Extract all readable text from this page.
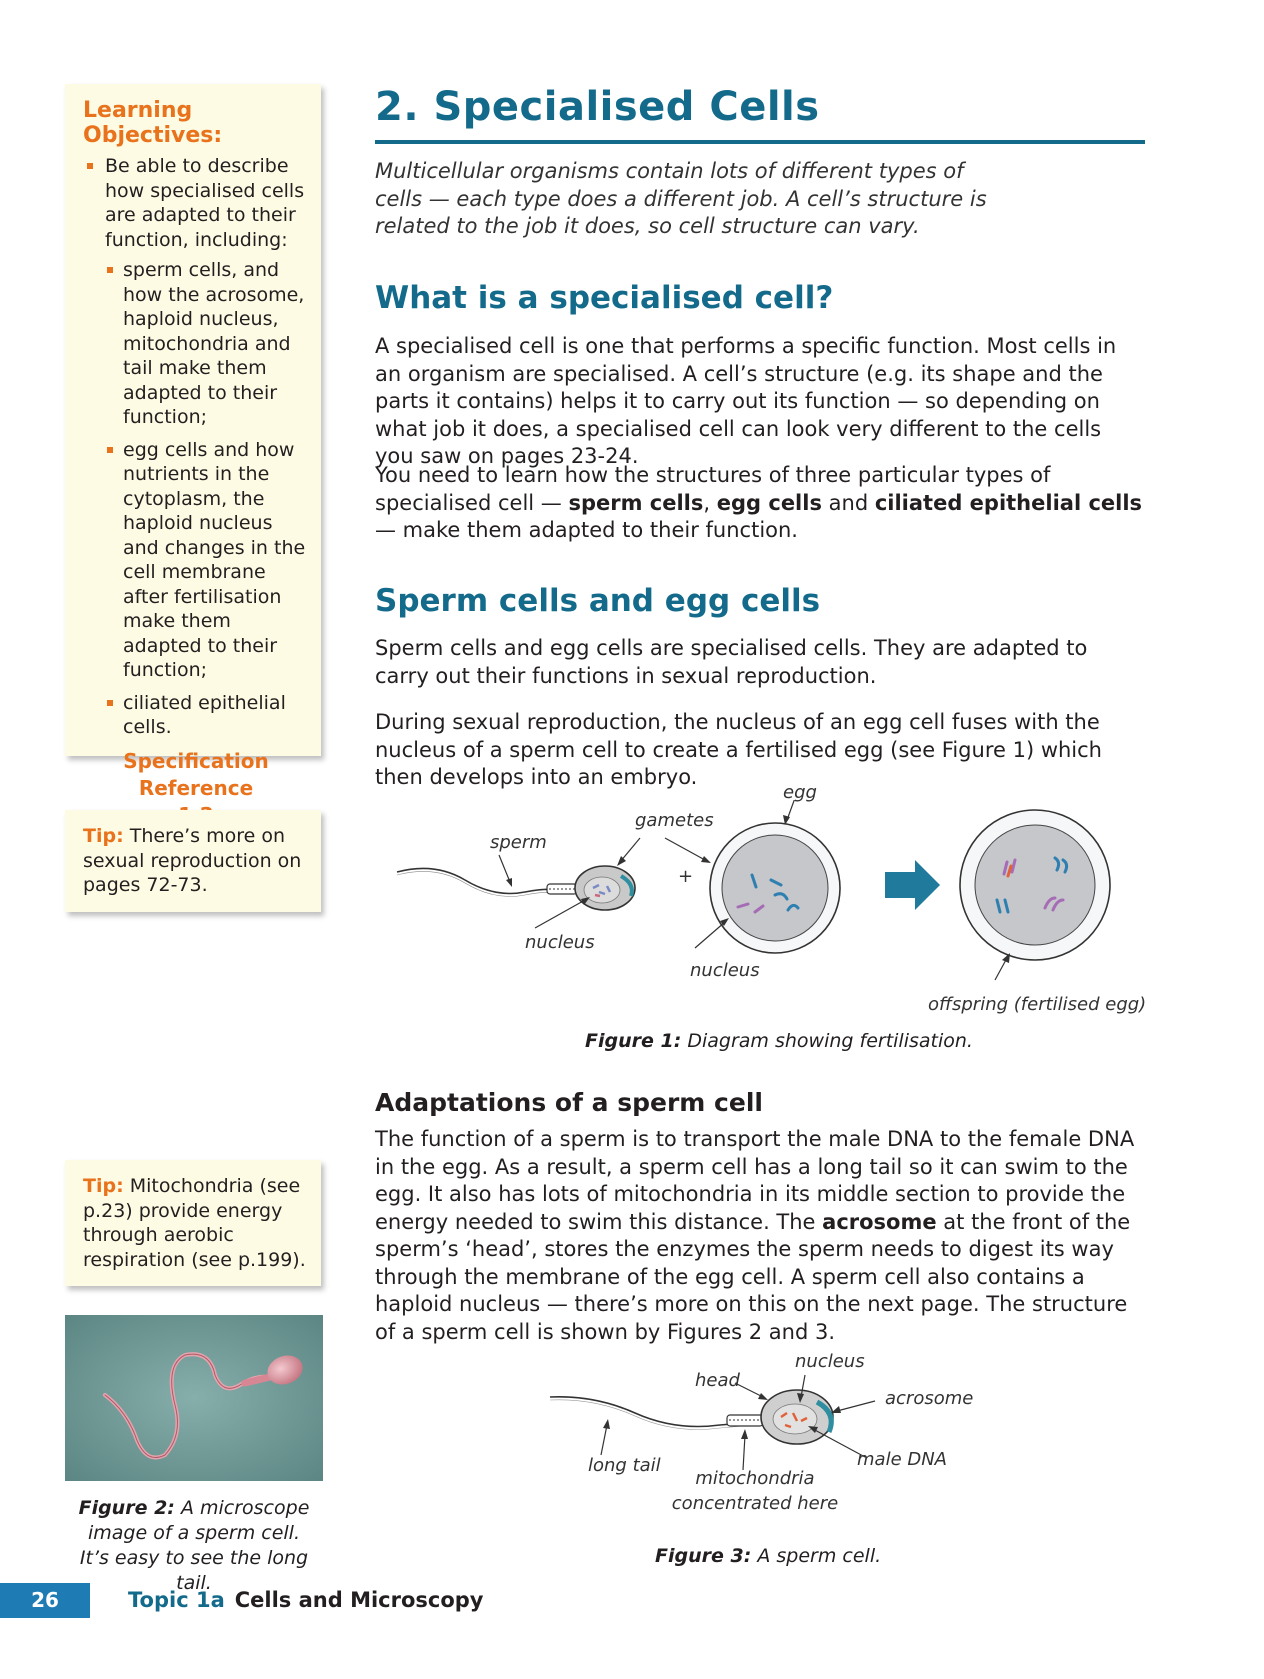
Learning Objectives:
Be able to describe how specialised cells are adapted to their function, including:
sperm cells, and how the acrosome, haploid nucleus, mitochondria and tail make them adapted to their function;
egg cells and how nutrients in the cytoplasm, the haploid nucleus and changes in the cell membrane after fertilisation make them adapted to their function;
ciliated epithelial cells.
Specification Reference
Tip: There’s more on sexual reproduction on pages 72-73.
Tip: Mitochondria (see p.23) provide energy through aerobic respiration (see p.199).
Figure 2: A microscope
image of a sperm cell.
It’s easy to see the long tail.
2. Specialised Cells
Multicellular organisms contain lots of different types of cells — each type does a different job. A cell’s structure is related to the job it does, so cell structure can vary.
What is a specialised cell?

A specialised cell is one that performs a specific function. Most cells in an organism are specialised. A cell’s structure (e.g. its shape and the parts it contains) helps it to carry out its function — so depending on what job it does, a specialised cell can look very different to the cells you saw on pages 23-24.

You need to learn how the structures of three particular types of specialised cell — sperm cells, egg cells and ciliated epithelial cells — make them adapted to their function.

Sperm cells and egg cells

Sperm cells and egg cells are specialised cells. They are adapted to carry out their functions in sexual reproduction.

During sexual reproduction, the nucleus of an egg cell fuses with the nucleus of a sperm cell to create a fertilised egg (see Figure 1) which then develops into an embryo.

egg
gametes
sperm
+
nucleus
nucleus
offspring (fertilised egg)
Figure 1: Diagram showing fertilisation.
Adaptations of a sperm cell

The function of a sperm is to transport the male DNA to the female DNA in the egg. As a result, a sperm cell has a long tail so it can swim to the egg. It also has lots of mitochondria in its middle section to provide the energy needed to swim this distance. The acrosome at the front of the sperm’s ‘head’, stores the enzymes the sperm needs to digest its way through the membrane of the egg cell. A sperm cell also contains a haploid nucleus — there’s more on this on the next page. The structure of a sperm cell is shown by Figures 2 and 3.

nucleus
head
acrosome
long tail	male DNA
mitochondria
concentrated here
Figure 3: A sperm cell.
26	Topic 1a Cells and Microscopy
